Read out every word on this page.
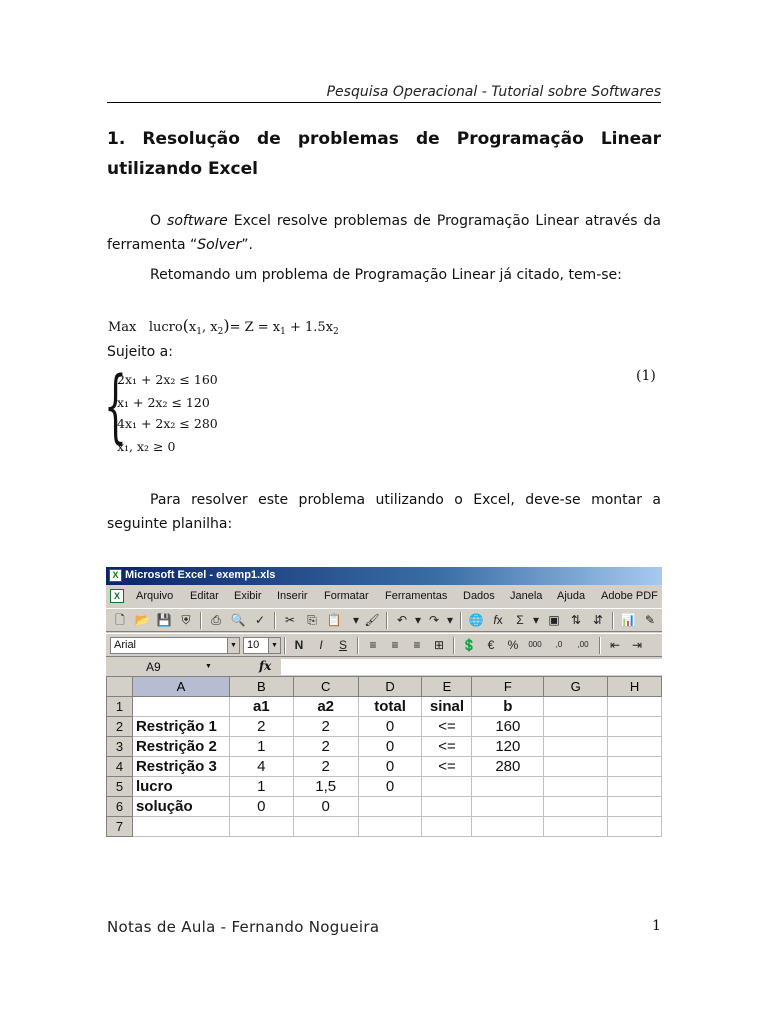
Pesquisa Operacional - Tutorial sobre Softwares
1. Resolução de problemas de Programação Linear utilizando Excel
O software Excel resolve problemas de Programação Linear através da ferramenta “Solver”.
Retomando um problema de Programação Linear já citado, tem-se:
Max $lucro(x_1$, $x_2)= Z = x_1 + 1.5x_2$
Sujeito a:
{
2x₁ + 2x₂ ≤ 160
x₁ + 2x₂ ≤ 120
4x₁ + 2x₂ ≤ 280
x₁, x₂ ≥ 0
(1)
Para resolver este problema utilizando o Excel, deve-se montar a seguinte planilha:
X Microsoft Excel - exemp1.xls
X	Arquivo Editar Exibir Inserir Formatar Ferramentas Dados Janela Ajuda Adobe PDF
🗋 📂 💾 ⛨ ⎙ 🔍 ✓ ✂ ⎘ 📋 ▾ 🖌 ↶ ▾ ↷ ▾	🌐 fx	Σ ▾ ▣ ⇅ ⇵ 📊 ✎
Arial	▼ 10	▼	N	I	S	≡	≡	≡	⊞ 💲 €	%	000	,0	,00 ⇤ ⇥
A9	▼	fx
	A	B	C	D	E	F	G	H
1		a1	a2	total	sinal	b		
2	Restrição 1	2	2	0	<=	160		
3	Restrição 2	1	2	0	<=	120		
4	Restrição 3	4	2	0	<=	280		
5	lucro	1	1,5	0				
6	solução	0	0					
7								
Notas de Aula - Fernando Nogueira	1
